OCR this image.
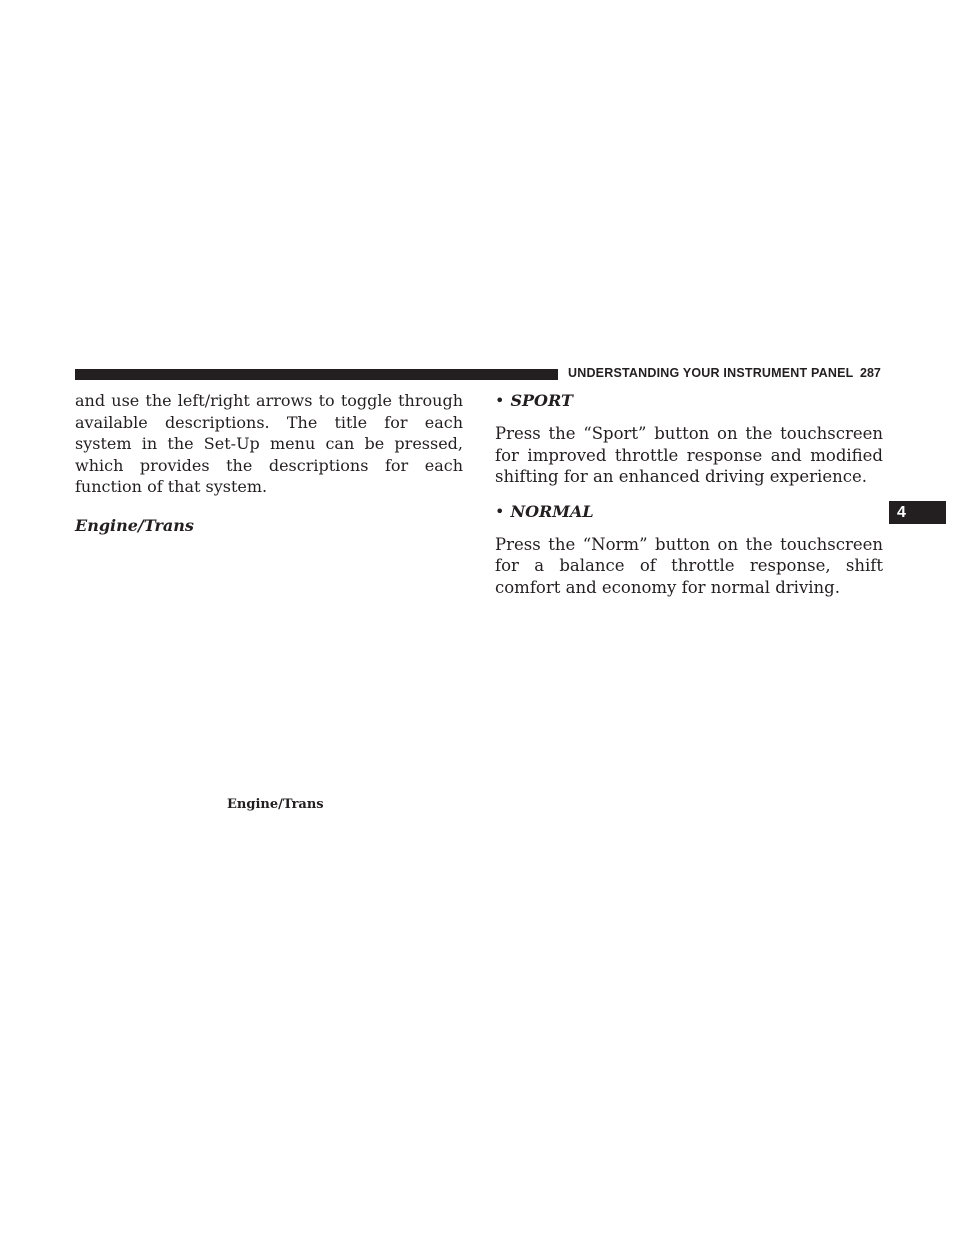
UNDERSTANDING YOUR INSTRUMENT PANEL 287
4

and use the left/right arrows to toggle through available descriptions. The title for each system in the Set-Up menu can be pressed, which provides the descriptions for each function of that system.

Engine/Trans

Engine/Trans

• SPORT

Press the “Sport” button on the touchscreen for improved throttle response and modified shifting for an enhanced driving experience.

• NORMAL

Press the “Norm” button on the touchscreen for a balance of throttle response, shift comfort and economy for normal driving.
